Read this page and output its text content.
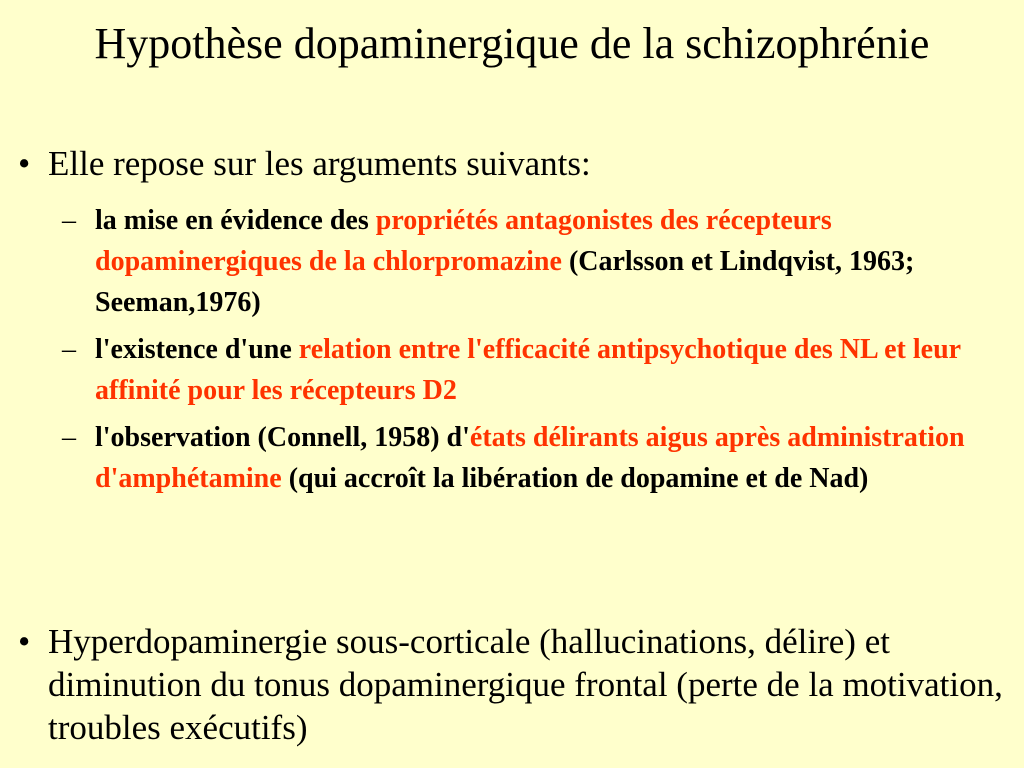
Hypothèse dopaminergique de la schizophrénie
• Elle repose sur les arguments suivants:
– la mise en évidence des propriétés antagonistes des récepteurs dopaminergiques de la chlorpromazine (Carlsson et Lindqvist, 1963; Seeman,1976)
– l'existence d'une relation entre l'efficacité antipsychotique des NL et leur affinité pour les récepteurs D2
– l'observation (Connell, 1958) d'états délirants aigus après administration d'amphétamine (qui accroît la libération de dopamine et de Nad)
• Hyperdopaminergie sous-corticale (hallucinations, délire) et diminution du tonus dopaminergique frontal (perte de la motivation, troubles exécutifs)
